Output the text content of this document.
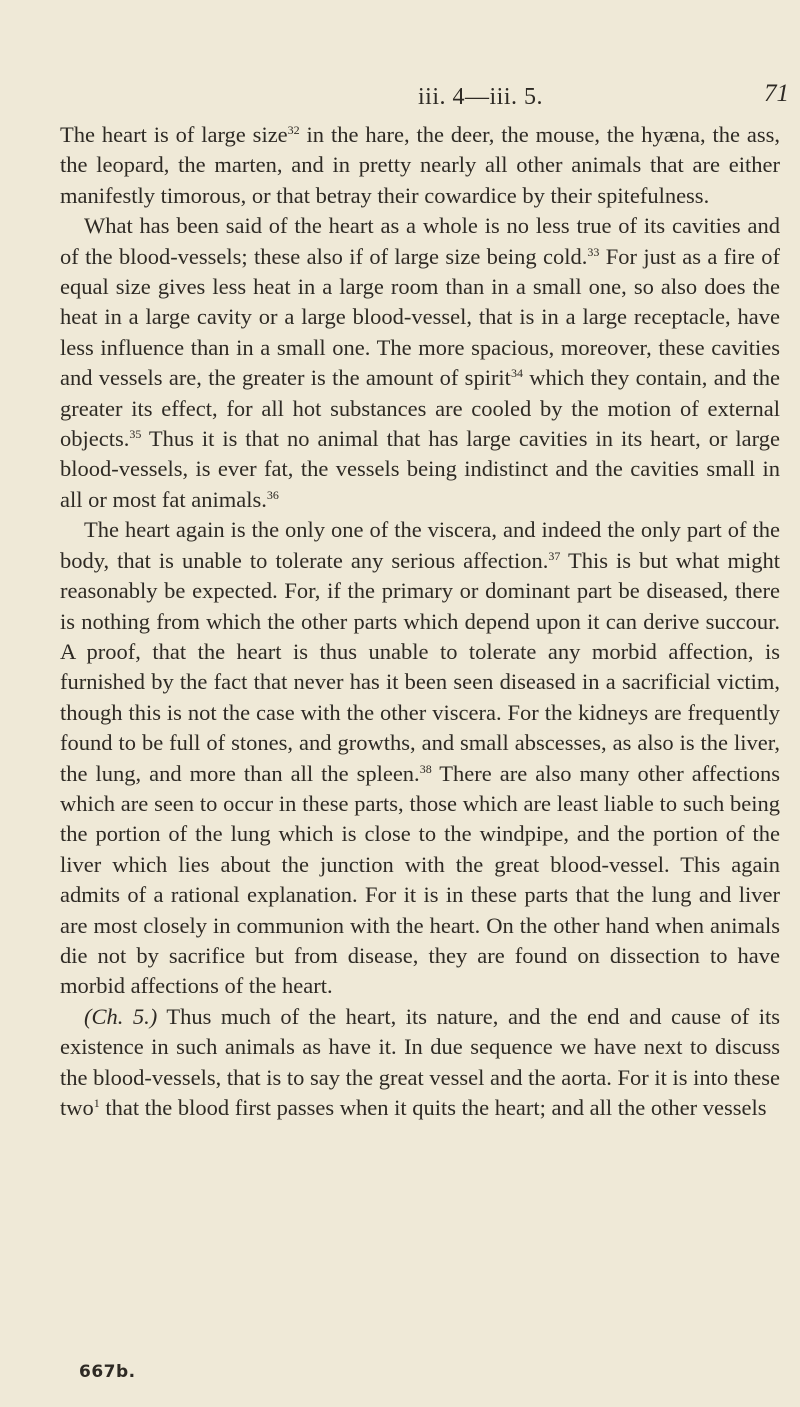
iii. 4—iii. 5.	71

The heart is of large size$^{32}$ in the hare, the deer, the mouse, the hyæna, the ass, the leopard, the marten, and in pretty nearly all other animals that are either manifestly timorous, or that betray their cowardice by their spitefulness.

What has been said of the heart as a whole is no less true of its cavities and of the blood-vessels; these also if of large size being cold.$^{33}$ For just as a fire of equal size gives less heat in a large room than in a small one, so also does the heat in a large cavity or a large blood-vessel, that is in a large receptacle, have less influence than in a small one. The more spacious, moreover, these cavities and vessels are, the greater is the amount of spirit$^{34}$ which they contain, and the greater its effect, for all hot substances are cooled by the motion of external objects.$^{35}$ Thus it is that no animal that has large cavities in its heart, or large blood-vessels, is ever fat, the vessels being indistinct and the cavities small in all or most fat animals.$^{36}$

The heart again is the only one of the viscera, and indeed the only part of the body, that is unable to tolerate any serious affection.$^{37}$ This is but what might reasonably be expected. For, if the primary or dominant part be diseased, there is nothing from which the other parts which depend upon it can derive succour. A proof, that the heart is thus unable to tolerate any morbid affection, is furnished by the fact that never has it been seen diseased in a sacrificial victim, though this is not the case with the other viscera. For the kidneys are frequently found to be full of stones, and growths, and small abscesses, as also is the liver, the lung, and more than all the spleen.$^{38}$ There are also many other affections which are seen to occur in these parts, those which are least liable to such being the portion of the lung which is close to the windpipe, and the portion of the liver which lies about the junction with the great blood-vessel. This again admits of a rational explanation. For it is in these parts that the lung and liver are most closely in communion with the heart. On the other hand when animals die not by sacrifice but from disease, they are found on dissection to have morbid affections of the heart.

(Ch. 5.) Thus much of the heart, its nature, and the end and cause of its existence in such animals as have it. In due sequence we have next to discuss the blood-vessels, that is to say the great vessel and the aorta. For it is into these two$^1$ that the blood first passes when it quits the heart; and all the other vessels

667b.
